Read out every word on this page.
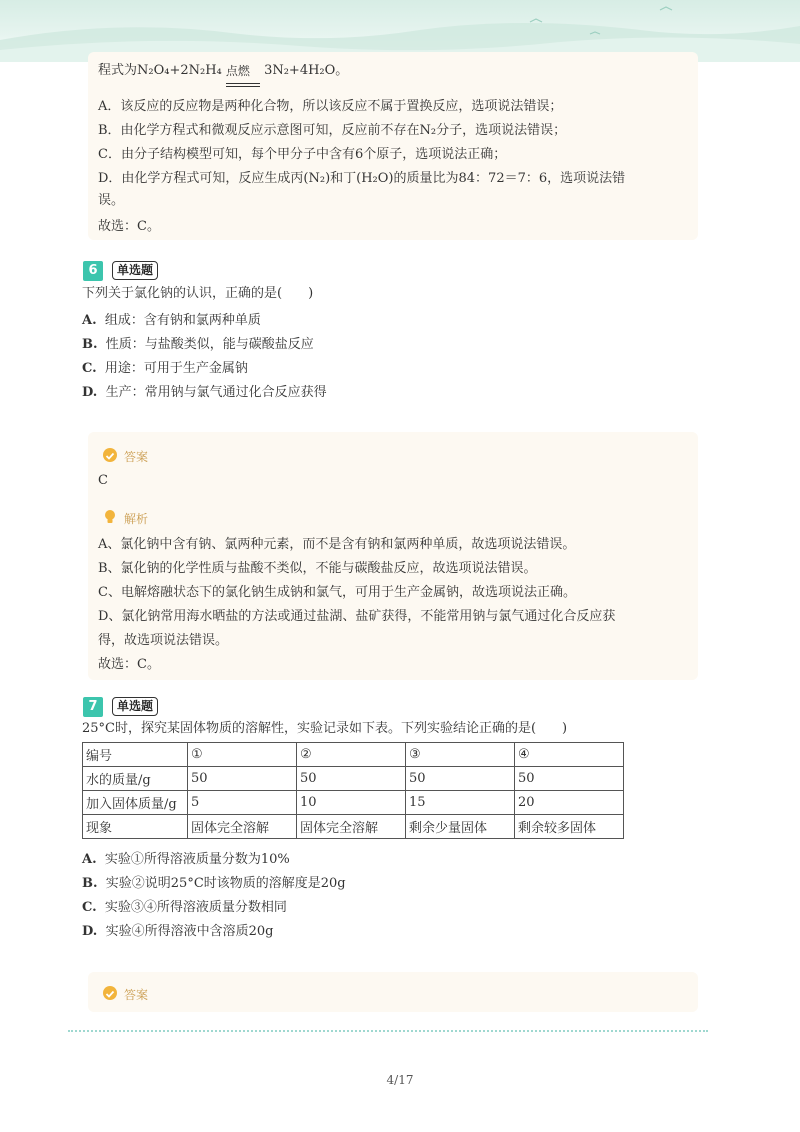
程式为N₂O₄+2N₂H₄ 点燃 3N₂+4H₂O。
A．该反应的反应物是两种化合物，所以该反应不属于置换反应，选项说法错误；
B．由化学方程式和微观反应示意图可知，反应前不存在N₂分子，选项说法错误；
C．由分子结构模型可知，每个甲分子中含有6个原子，选项说法正确；
D．由化学方程式可知，反应生成丙(N₂)和丁(H₂O)的质量比为84：72＝7：6，选项说法错
误。
故选：C。
6	单选题
下列关于氯化钠的认识，正确的是(　　)
A. 组成：含有钠和氯两种单质
B. 性质：与盐酸类似，能与碳酸盐反应
C. 用途：可用于生产金属钠
D. 生产：常用钠与氯气通过化合反应获得
答案
C
解析
A、氯化钠中含有钠、氯两种元素，而不是含有钠和氯两种单质，故选项说法错误。
B、氯化钠的化学性质与盐酸不类似，不能与碳酸盐反应，故选项说法错误。
C、电解熔融状态下的氯化钠生成钠和氯气，可用于生产金属钠，故选项说法正确。
D、氯化钠常用海水晒盐的方法或通过盐湖、盐矿获得，不能常用钠与氯气通过化合反应获
得，故选项说法错误。
故选：C。
7	单选题
25°C时，探究某固体物质的溶解性，实验记录如下表。下列实验结论正确的是(　　)
编号	①	②	③	④
水的质量/g	50	50	50	50
加入固体质量/g	5	10	15	20
现象	固体完全溶解	固体完全溶解	剩余少量固体	剩余较多固体
A. 实验①所得溶液质量分数为10%
B. 实验②说明25°C时该物质的溶解度是20g
C. 实验③④所得溶液质量分数相同
D. 实验④所得溶液中含溶质20g
答案
4/17
